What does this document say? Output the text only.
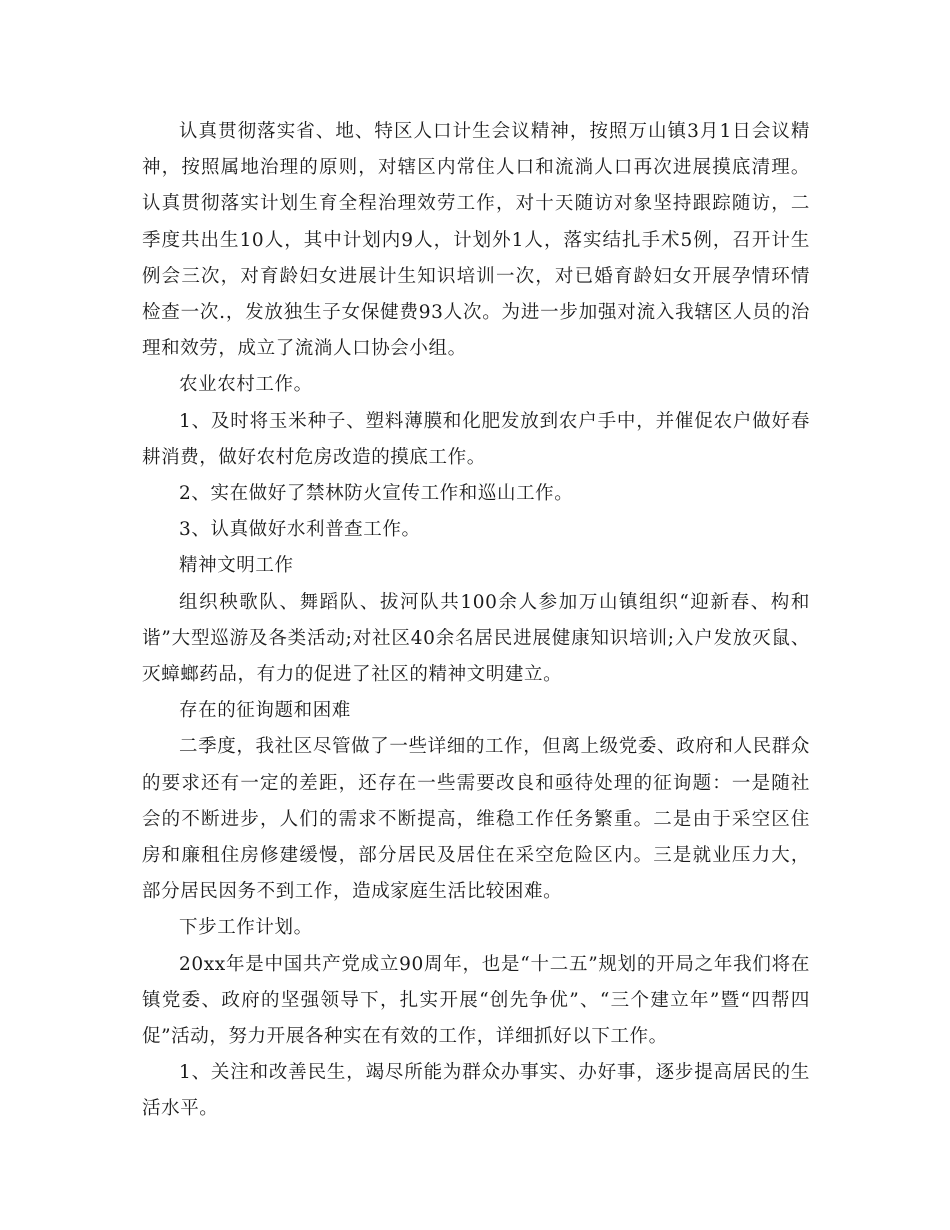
认真贯彻落实省、地、特区人口计生会议精神，按照万山镇3月1日会议精神，按照属地治理的原则，对辖区内常住人口和流淌人口再次进展摸底清理。认真贯彻落实计划生育全程治理效劳工作，对十天随访对象坚持跟踪随访，二季度共出生10人，其中计划内9人，计划外1人，落实结扎手术5例，召开计生例会三次，对育龄妇女进展计生知识培训一次，对已婚育龄妇女开展孕情环情检查一次.，发放独生子女保健费93人次。为进一步加强对流入我辖区人员的治理和效劳，成立了流淌人口协会小组。

农业农村工作。

1、及时将玉米种子、塑料薄膜和化肥发放到农户手中，并催促农户做好春耕消费，做好农村危房改造的摸底工作。

2、实在做好了禁林防火宣传工作和巡山工作。

3、认真做好水利普查工作。

精神文明工作

组织秧歌队、舞蹈队、拔河队共100余人参加万山镇组织“迎新春、构和谐”大型巡游及各类活动;对社区40余名居民进展健康知识培训;入户发放灭鼠、灭蟑螂药品，有力的促进了社区的精神文明建立。

存在的征询题和困难

二季度，我社区尽管做了一些详细的工作，但离上级党委、政府和人民群众的要求还有一定的差距，还存在一些需要改良和亟待处理的征询题：一是随社会的不断进步，人们的需求不断提高，维稳工作任务繁重。二是由于采空区住房和廉租住房修建缓慢，部分居民及居住在采空危险区内。三是就业压力大，部分居民因务不到工作，造成家庭生活比较困难。

下步工作计划。

20xx年是中国共产党成立90周年，也是“十二五”规划的开局之年我们将在镇党委、政府的坚强领导下，扎实开展“创先争优”、“三个建立年”暨“四帮四促”活动，努力开展各种实在有效的工作，详细抓好以下工作。

1、关注和改善民生，竭尽所能为群众办事实、办好事，逐步提高居民的生活水平。
